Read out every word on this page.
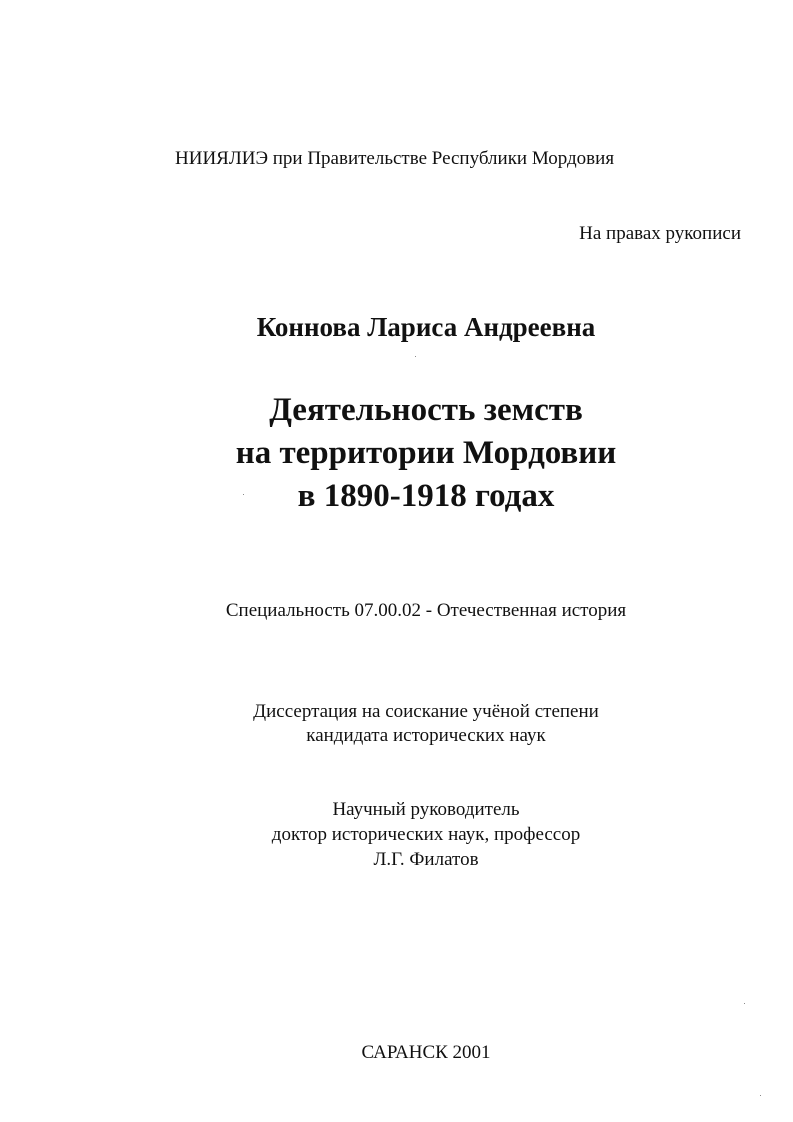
НИИЯЛИЭ при Правительстве Республики Мордовия
На правах рукописи
Коннова Лариса Андреевна
Деятельность земств
на территории Мордовии
в 1890-1918 годах
Специальность 07.00.02 - Отечественная история
Диссертация на соискание учёной степени
кандидата исторических наук
Научный руководитель
доктор исторических наук, профессор
Л.Г. Филатов
САРАНСК 2001
